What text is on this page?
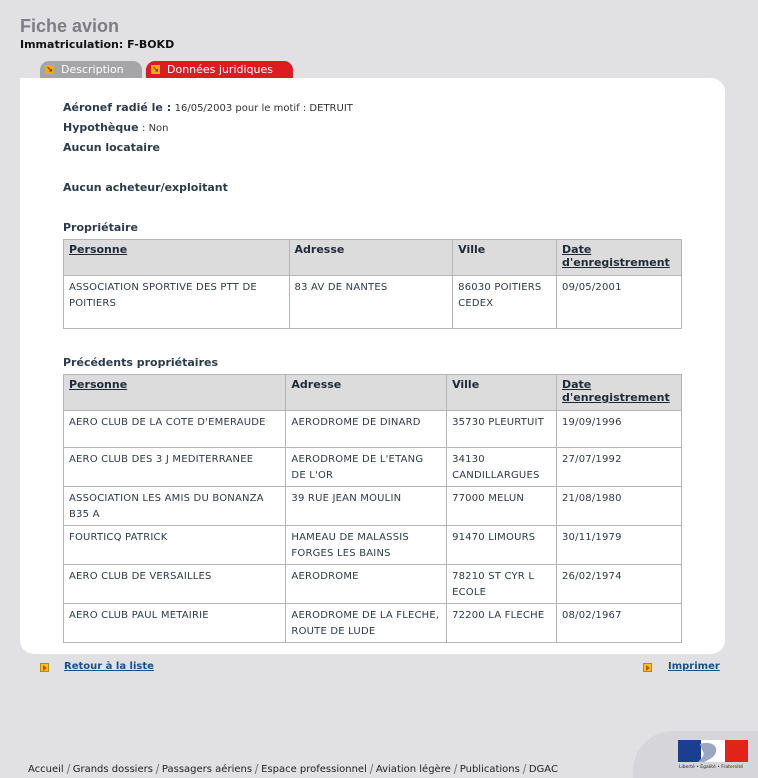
Fiche avion
Immatriculation: F-BOKD
↘ Description	↘ Données juridiques
Aéronef radié le : 16/05/2003 pour le motif : DETRUIT
Hypothèque : Non
Aucun locataire
Aucun acheteur/exploitant
Propriétaire
Personne	Adresse	Ville	Date d'enregistrement
ASSOCIATION SPORTIVE DES PTT DE POITIERS	83 AV DE NANTES	86030 POITIERS CEDEX	09/05/2001
Précédents propriétaires
Personne	Adresse	Ville	Date d'enregistrement
AERO CLUB DE LA COTE D'EMERAUDE	AERODROME DE DINARD	35730 PLEURTUIT	19/09/1996
AERO CLUB DES 3 J MEDITERRANEE	AERODROME DE L'ETANG DE L'OR	34130 CANDILLARGUES	27/07/1992
ASSOCIATION LES AMIS DU BONANZA B35 A	39 RUE JEAN MOULIN	77000 MELUN	21/08/1980
FOURTICQ PATRICK	HAMEAU DE MALASSIS FORGES LES BAINS	91470 LIMOURS	30/11/1979
AERO CLUB DE VERSAILLES	AERODROME	78210 ST CYR L ECOLE	26/02/1974
AERO CLUB PAUL METAIRIE	AERODROME DE LA FLECHE, ROUTE DE LUDE	72200 LA FLECHE	08/02/1967
Retour à la liste	Imprimer
Liberté • Égalité • Fraternité
Accueil Grands dossiers Passagers aériens Espace professionnel Aviation légère Publications DGAC
